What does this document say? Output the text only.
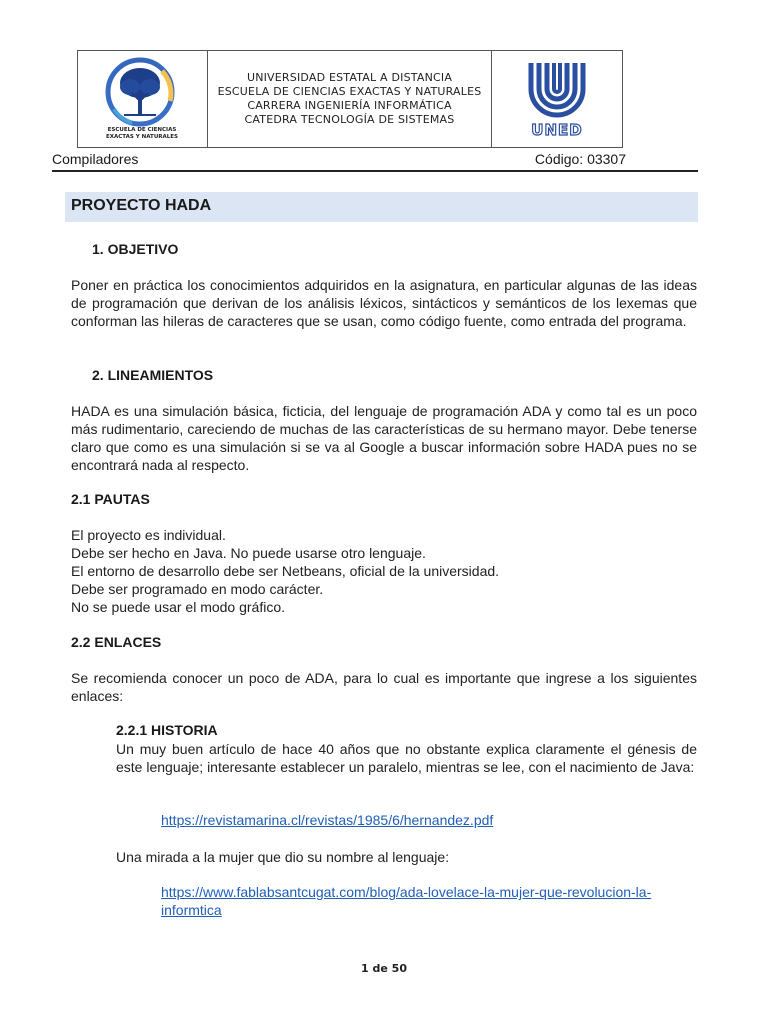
ESCUELA DE CIENCIAS
EXACTAS Y NATURALES
UNIVERSIDAD ESTATAL A DISTANCIA
ESCUELA DE CIENCIAS EXACTAS Y NATURALES
CARRERA INGENIERÍA INFORMÁTICA
CATEDRA TECNOLOGÍA DE SISTEMAS
UNED
Compiladores	Código: 03307
PROYECTO HADA
1. OBJETIVO
Poner en práctica los conocimientos adquiridos en la asignatura, en particular algunas de las ideas de programación que derivan de los análisis léxicos, sintácticos y semánticos de los lexemas que conforman las hileras de caracteres que se usan, como código fuente, como entrada del programa.
2. LINEAMIENTOS
HADA es una simulación básica, ficticia, del lenguaje de programación ADA y como tal es un poco más rudimentario, careciendo de muchas de las características de su hermano mayor. Debe tenerse claro que como es una simulación si se va al Google a buscar información sobre HADA pues no se encontrará nada al respecto.
2.1 PAUTAS
El proyecto es individual.
Debe ser hecho en Java. No puede usarse otro lenguaje.
El entorno de desarrollo debe ser Netbeans, oficial de la universidad.
Debe ser programado en modo carácter.
No se puede usar el modo gráfico.
2.2 ENLACES
Se recomienda conocer un poco de ADA, para lo cual es importante que ingrese a los siguientes enlaces:
2.2.1 HISTORIA
Un muy buen artículo de hace 40 años que no obstante explica claramente el génesis de este lenguaje; interesante establecer un paralelo, mientras se lee, con el nacimiento de Java:
https://revistamarina.cl/revistas/1985/6/hernandez.pdf
Una mirada a la mujer que dio su nombre al lenguaje:
https://www.fablabsantcugat.com/blog/ada-lovelace-la-mujer-que-revolucion-la-
informtica
1 de 50
